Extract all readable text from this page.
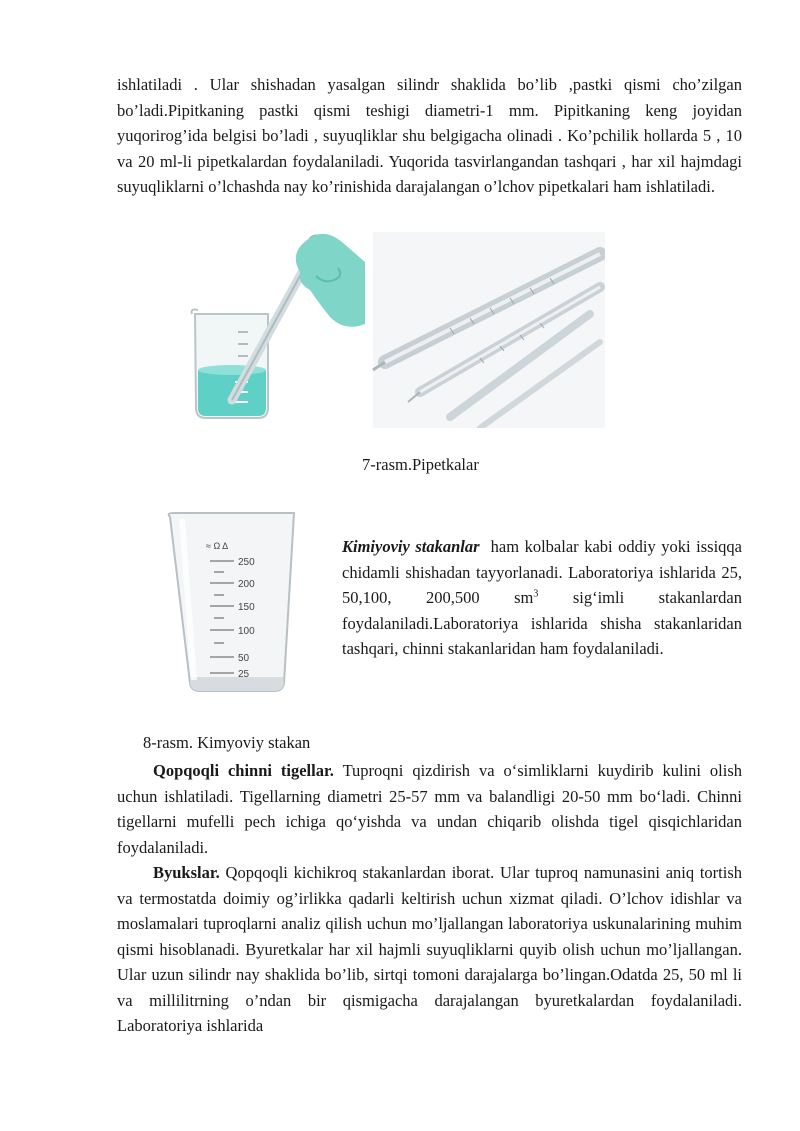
ishlatiladi . Ular shishadan yasalgan silindr shaklida bo’lib ,pastki qismi cho’zilgan bo’ladi.Pipitkaning pastki qismi teshigi diametri-1 mm. Pipitkaning keng joyidan yuqorirog’ida belgisi bo’ladi , suyuqliklar shu belgigacha olinadi . Ko’pchilik hollarda 5 , 10 va 20 ml-li pipetkalardan foydalaniladi. Yuqorida tasvirlangandan tashqari , har xil hajmdagi suyuqliklarni o’lchashda nay ko’rinishida darajalangan o’lchov pipetkalari ham ishlatiladi.

7-rasm.Pipetkalar

≈ Ω Δ
250
200
150
100
50
25

Kimiyoviy stakanlar ham kolbalar kabi oddiy yoki issiqqa chidamli shishadan tayyorlanadi. Laboratoriya ishlarida 25, 50,100, 200,500 $sm^3$ sig‘imli stakanlardan foydalaniladi.Laboratoriya ishlarida shisha stakanlaridan tashqari, chinni stakanlaridan ham foydalaniladi.

8-rasm. Kimyoviy stakan

Qopqoqli chinni tigellar. Tuproqni qizdirish va o‘simliklarni kuydirib kulini olish uchun ishlatiladi. Tigellarning diametri 25-57 mm va balandligi 20-50 mm bo‘ladi. Chinni tigellarni mufelli pech ichiga qo‘yishda va undan chiqarib olishda tigel qisqichlaridan foydalaniladi.

Byukslar. Qopqoqli kichikroq stakanlardan iborat. Ular tuproq namunasini aniq tortish va termostatda doimiy og’irlikka qadarli keltirish uchun xizmat qiladi. O’lchov idishlar va moslamalari tuproqlarni analiz qilish uchun mo’ljallangan laboratoriya uskunalarining muhim qismi hisoblanadi. Byuretkalar har xil hajmli suyuqliklarni quyib olish uchun mo’ljallangan. Ular uzun silindr nay shaklida bo’lib, sirtqi tomoni darajalarga bo’lingan.Odatda 25, 50 ml li va millilitrning o’ndan bir qismigacha darajalangan byuretkalardan foydalaniladi. Laboratoriya ishlarida
